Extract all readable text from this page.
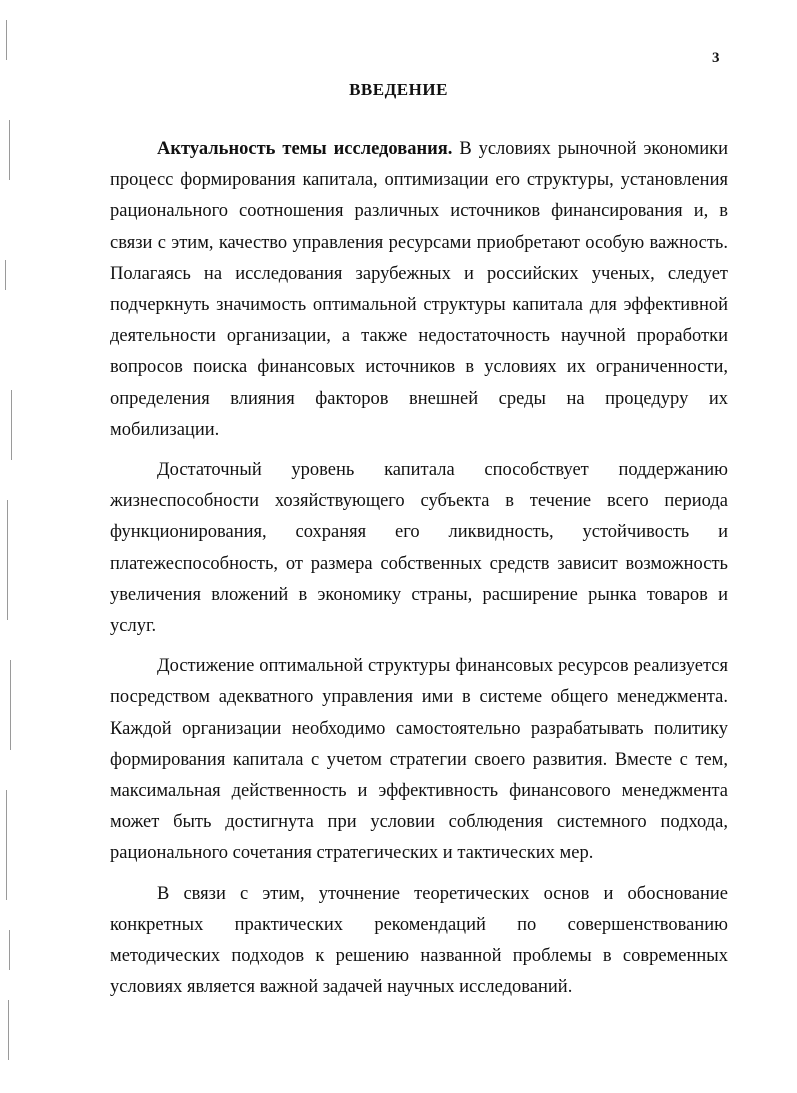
3
ВВЕДЕНИЕ

Актуальность темы исследования. В условиях рыночной экономики процесс формирования капитала, оптимизации его структуры, установления рационального соотношения различных источников финансирования и, в связи с этим, качество управления ресурсами приобретают особую важность. Полагаясь на исследования зарубежных и российских ученых, следует подчеркнуть значимость оптимальной структуры капитала для эффективной деятельности организации, а также недостаточность научной проработки вопросов поиска финансовых источников в условиях их ограниченности, определения влияния факторов внешней среды на процедуру их мобилизации.

Достаточный уровень капитала способствует поддержанию жизнеспособности хозяйствующего субъекта в течение всего периода функционирования, сохраняя его ликвидность, устойчивость и платежеспособность, от размера собственных средств зависит возможность увеличения вложений в экономику страны, расширение рынка товаров и услуг.

Достижение оптимальной структуры финансовых ресурсов реализуется посредством адекватного управления ими в системе общего менеджмента. Каждой организации необходимо самостоятельно разрабатывать политику формирования капитала с учетом стратегии своего развития. Вместе с тем, максимальная действенность и эффективность финансового менеджмента может быть достигнута при условии соблюдения системного подхода, рационального сочетания стратегических и тактических мер.

В связи с этим, уточнение теоретических основ и обоснование конкретных практических рекомендаций по совершенствованию методических подходов к решению названной проблемы в современных условиях является важной задачей научных исследований.
